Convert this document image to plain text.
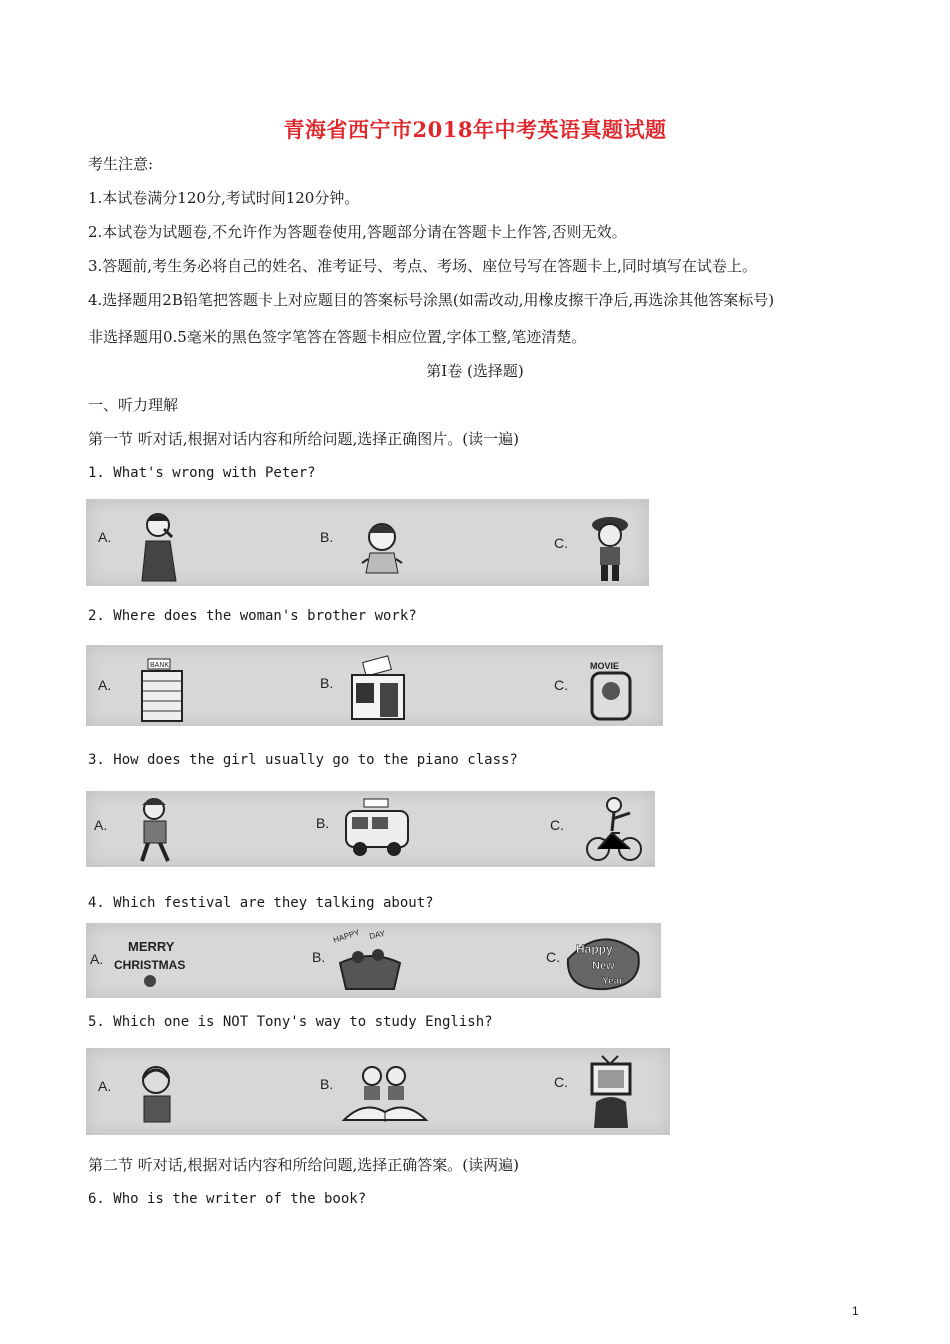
青海省西宁市2018年中考英语真题试题
考生注意:
1.本试卷满分120分,考试时间120分钟。
2.本试卷为试题卷,不允许作为答题卷使用,答题部分请在答题卡上作答,否则无效。
3.答题前,考生务必将自己的姓名、准考证号、考点、考场、座位号写在答题卡上,同时填写在试卷上。
4.选择题用2B铅笔把答题卡上对应题目的答案标号涂黑(如需改动,用橡皮擦干净后,再选涂其他答案标号)
非选择题用0.5毫米的黑色签字笔答在答题卡相应位置,字体工整,笔迹清楚。
第Ⅰ卷 (选择题)
一、听力理解
第一节 听对话,根据对话内容和所给问题,选择正确图片。(读一遍)
1. What's wrong with Peter?
A.	B.	C.
2. Where does the woman's brother work?
A.	B.	C.
BANK	MOVIE
3. How does the girl usually go to the piano class?
A.	B.	C.
4. Which festival are they talking about?
A.	B.	C.
MERRY
CHRISTMAS
HAPPY DAY
Happy
New
Year
5. Which one is NOT Tony's way to study English?
A.	B.	C.
第二节 听对话,根据对话内容和所给问题,选择正确答案。(读两遍)
6. Who is the writer of the book?
1
